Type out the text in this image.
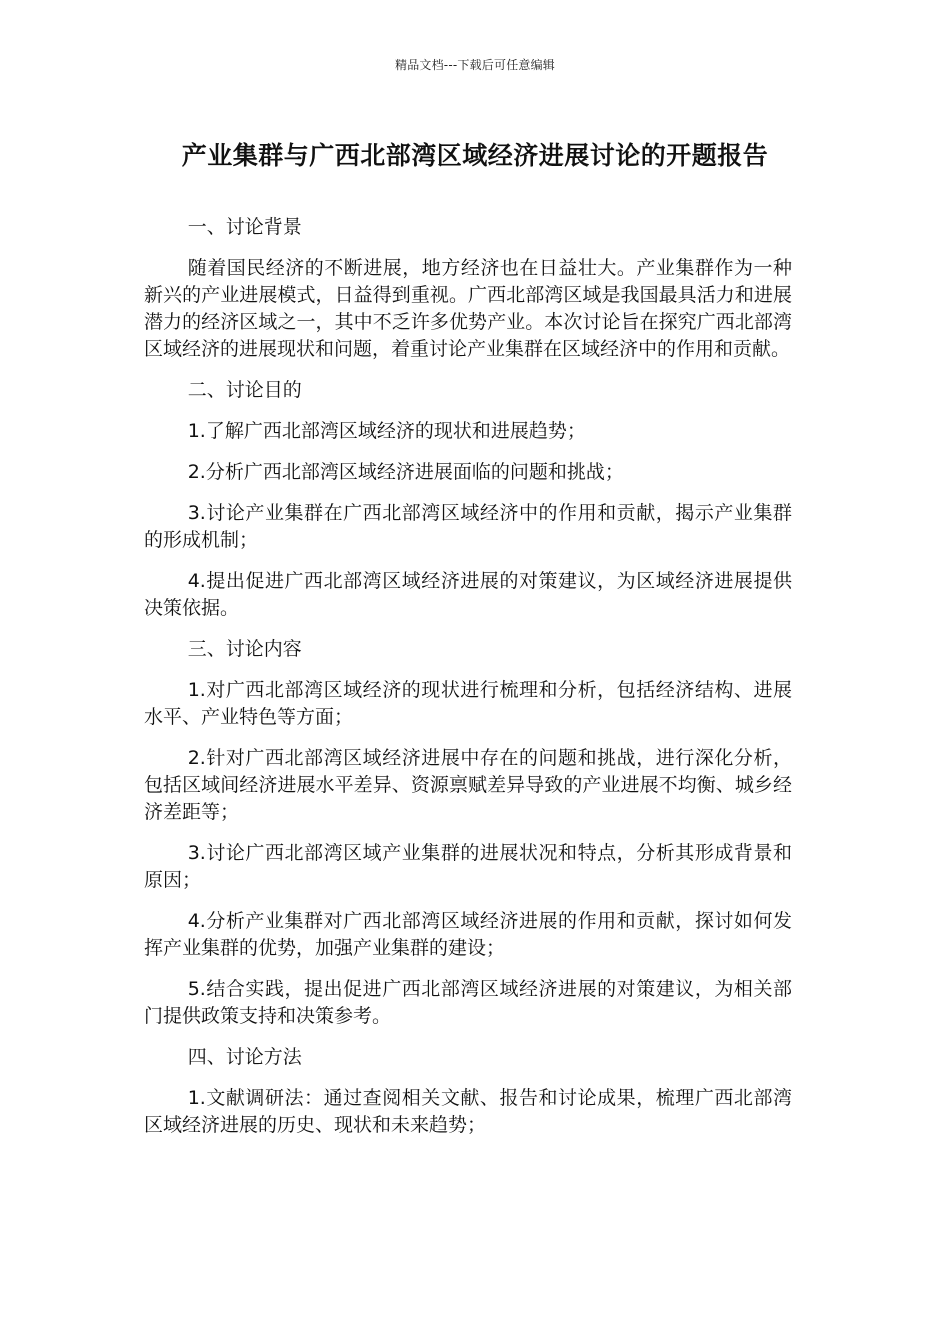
精品文档---下载后可任意编辑
产业集群与广西北部湾区域经济进展讨论的开题报告

一、讨论背景

随着国民经济的不断进展，地方经济也在日益壮大。产业集群作为一种新兴的产业进展模式，日益得到重视。广西北部湾区域是我国最具活力和进展潜力的经济区域之一，其中不乏许多优势产业。本次讨论旨在探究广西北部湾区域经济的进展现状和问题，着重讨论产业集群在区域经济中的作用和贡献。

二、讨论目的

1.了解广西北部湾区域经济的现状和进展趋势；

2.分析广西北部湾区域经济进展面临的问题和挑战；

3.讨论产业集群在广西北部湾区域经济中的作用和贡献，揭示产业集群的形成机制；

4.提出促进广西北部湾区域经济进展的对策建议，为区域经济进展提供决策依据。

三、讨论内容

1.对广西北部湾区域经济的现状进行梳理和分析，包括经济结构、进展水平、产业特色等方面；

2.针对广西北部湾区域经济进展中存在的问题和挑战，进行深化分析，包括区域间经济进展水平差异、资源禀赋差异导致的产业进展不均衡、城乡经济差距等；

3.讨论广西北部湾区域产业集群的进展状况和特点，分析其形成背景和原因；

4.分析产业集群对广西北部湾区域经济进展的作用和贡献，探讨如何发挥产业集群的优势，加强产业集群的建设；

5.结合实践，提出促进广西北部湾区域经济进展的对策建议，为相关部门提供政策支持和决策参考。

四、讨论方法

1.文献调研法：通过查阅相关文献、报告和讨论成果，梳理广西北部湾区域经济进展的历史、现状和未来趋势；
